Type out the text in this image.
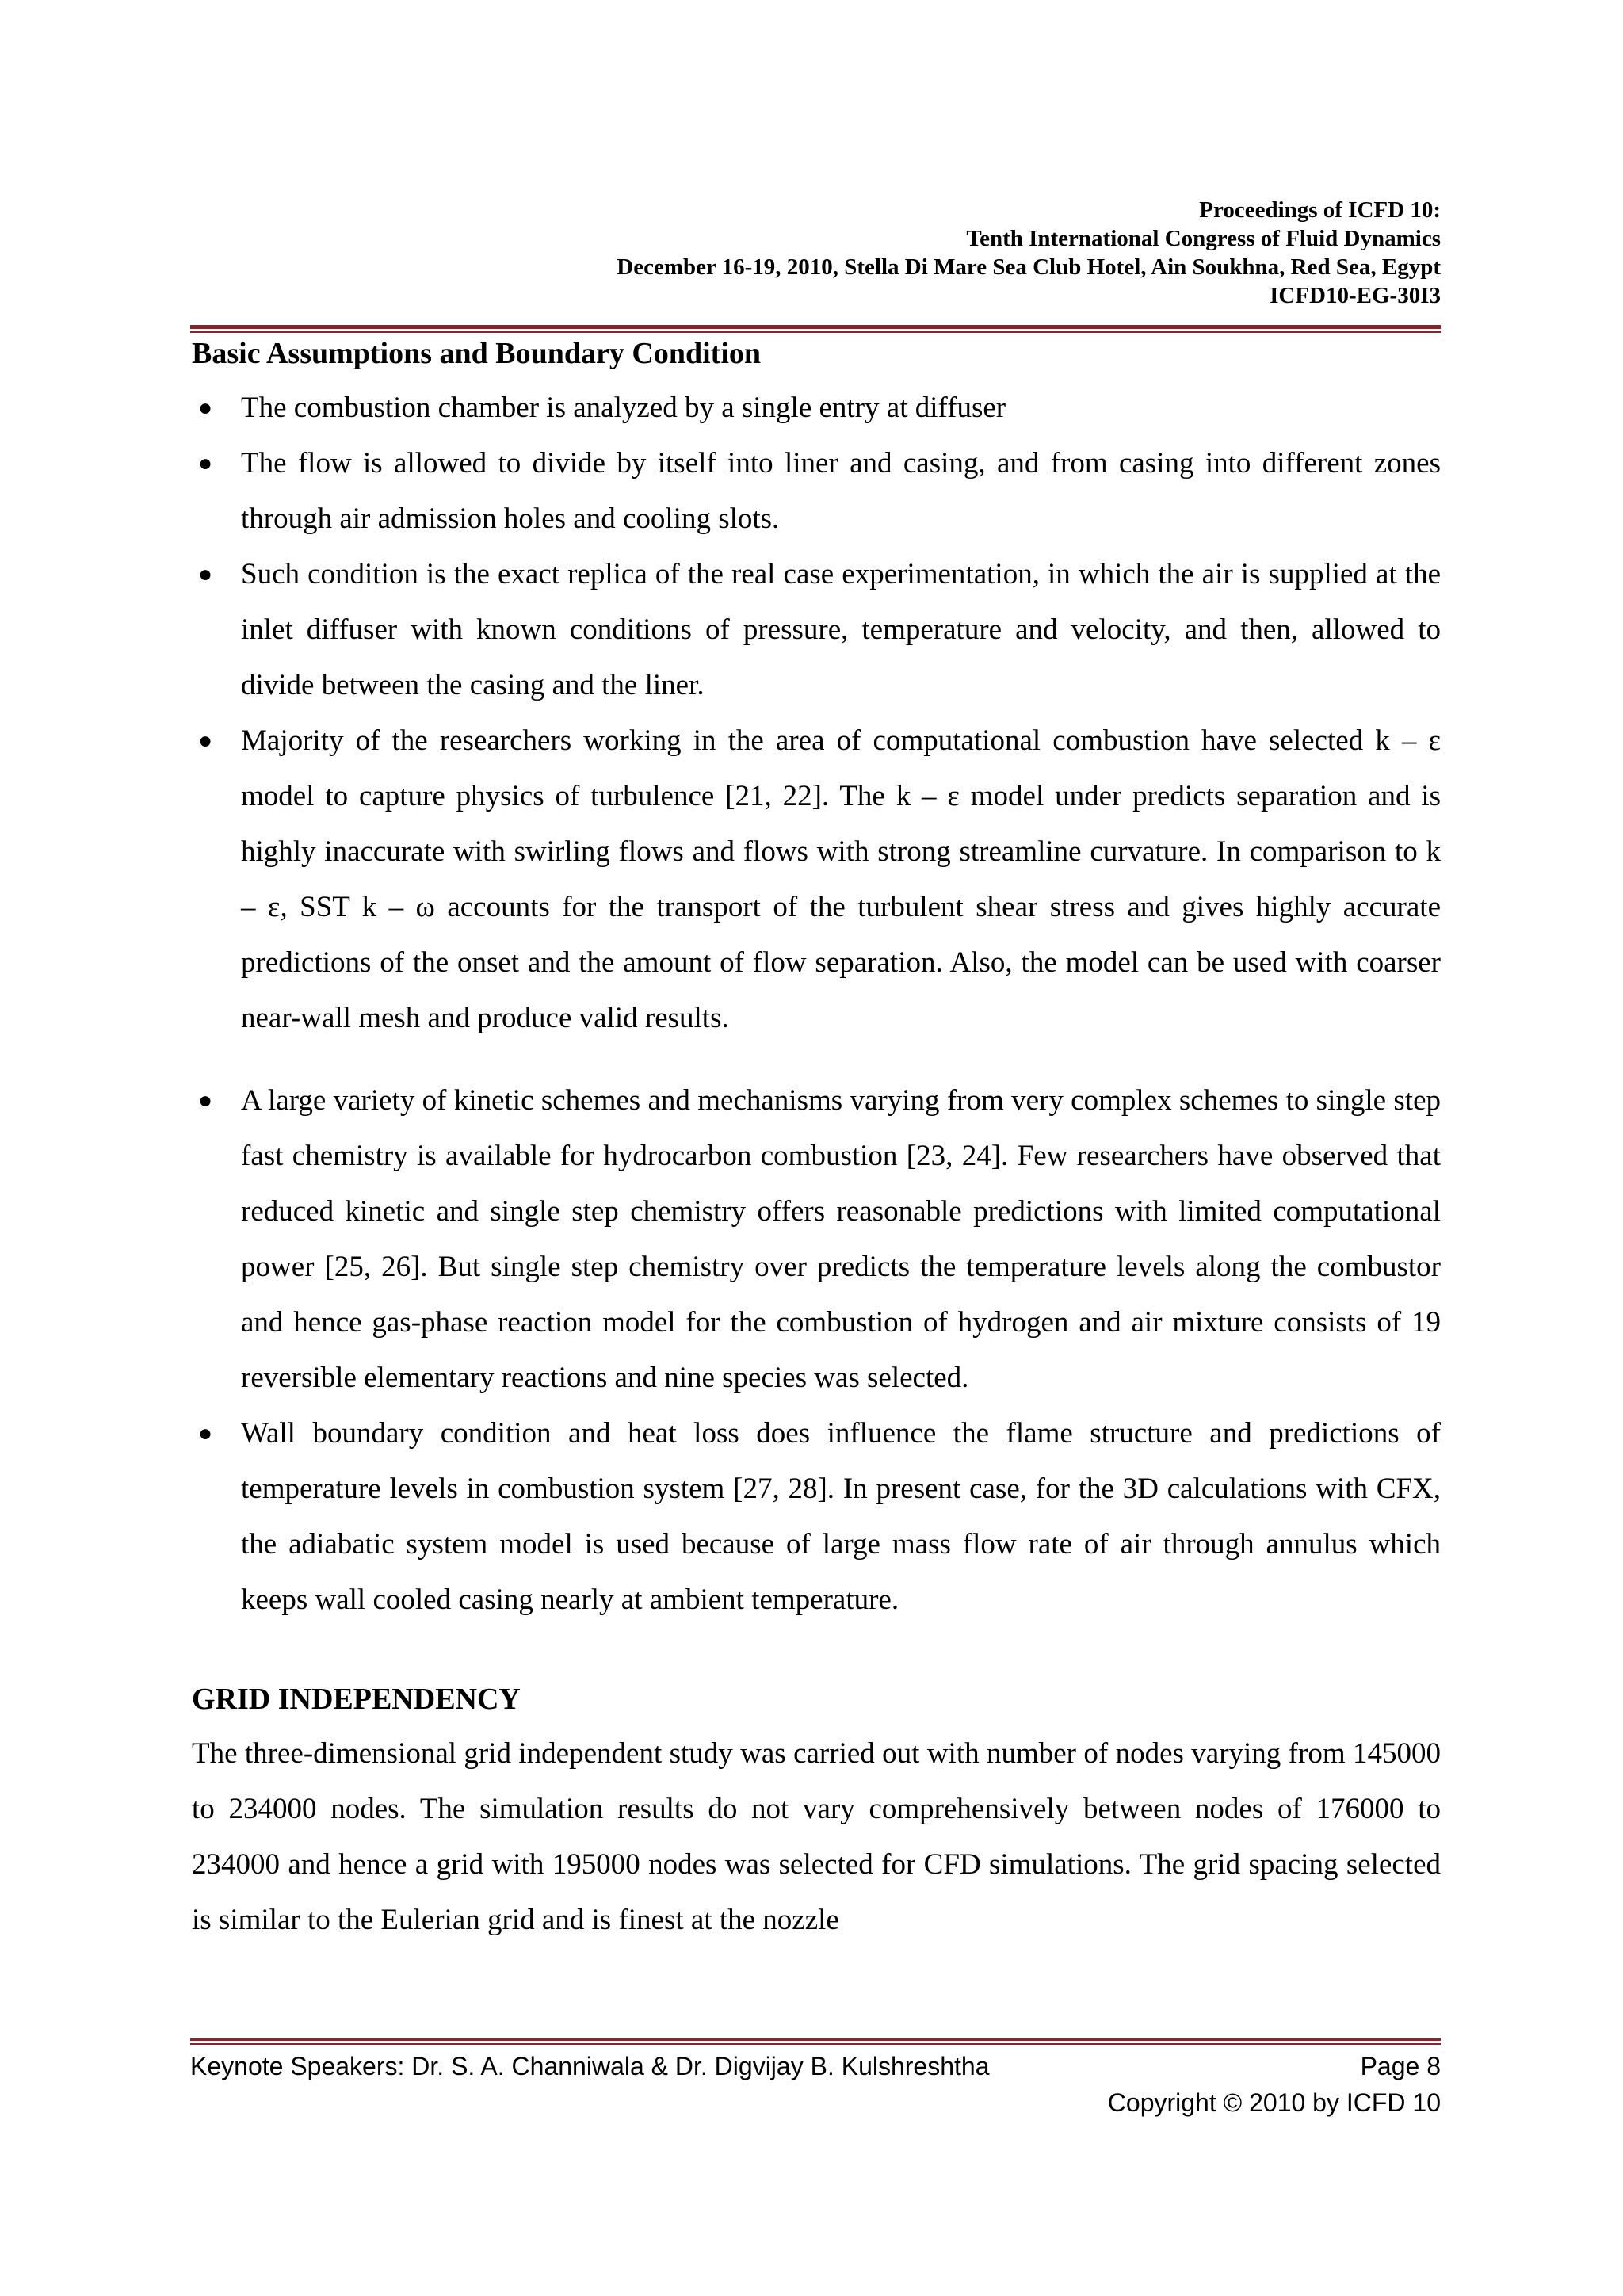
Proceedings of ICFD 10:
Tenth International Congress of Fluid Dynamics
December 16-19, 2010, Stella Di Mare Sea Club Hotel, Ain Soukhna, Red Sea, Egypt
ICFD10-EG-30I3
Basic Assumptions and Boundary Condition
● The combustion chamber is analyzed by a single entry at diffuser
● The flow is allowed to divide by itself into liner and casing, and from casing into different zones through air admission holes and cooling slots.
● Such condition is the exact replica of the real case experimentation, in which the air is supplied at the inlet diffuser with known conditions of pressure, temperature and velocity, and then, allowed to divide between the casing and the liner.
● Majority of the researchers working in the area of computational combustion have selected k – ε model to capture physics of turbulence [21, 22]. The k – ε model under predicts separation and is highly inaccurate with swirling flows and flows with strong streamline curvature. In comparison to k – ε, SST k – ω accounts for the transport of the turbulent shear stress and gives highly accurate predictions of the onset and the amount of flow separation. Also, the model can be used with coarser near-wall mesh and produce valid results.
● A large variety of kinetic schemes and mechanisms varying from very complex schemes to single step fast chemistry is available for hydrocarbon combustion [23, 24]. Few researchers have observed that reduced kinetic and single step chemistry offers reasonable predictions with limited computational power [25, 26]. But single step chemistry over predicts the temperature levels along the combustor and hence gas-phase reaction model for the combustion of hydrogen and air mixture consists of 19 reversible elementary reactions and nine species was selected.
● Wall boundary condition and heat loss does influence the flame structure and predictions of temperature levels in combustion system [27, 28]. In present case, for the 3D calculations with CFX, the adiabatic system model is used because of large mass flow rate of air through annulus which keeps wall cooled casing nearly at ambient temperature.
GRID INDEPENDENCY

The three-dimensional grid independent study was carried out with number of nodes varying from 145000 to 234000 nodes. The simulation results do not vary comprehensively between nodes of 176000 to 234000 and hence a grid with 195000 nodes was selected for CFD simulations. The grid spacing selected is similar to the Eulerian grid and is finest at the nozzle

Keynote Speakers: Dr. S. A. Channiwala & Dr. Digvijay B. Kulshreshtha	Page 8
Copyright © 2010 by ICFD 10
